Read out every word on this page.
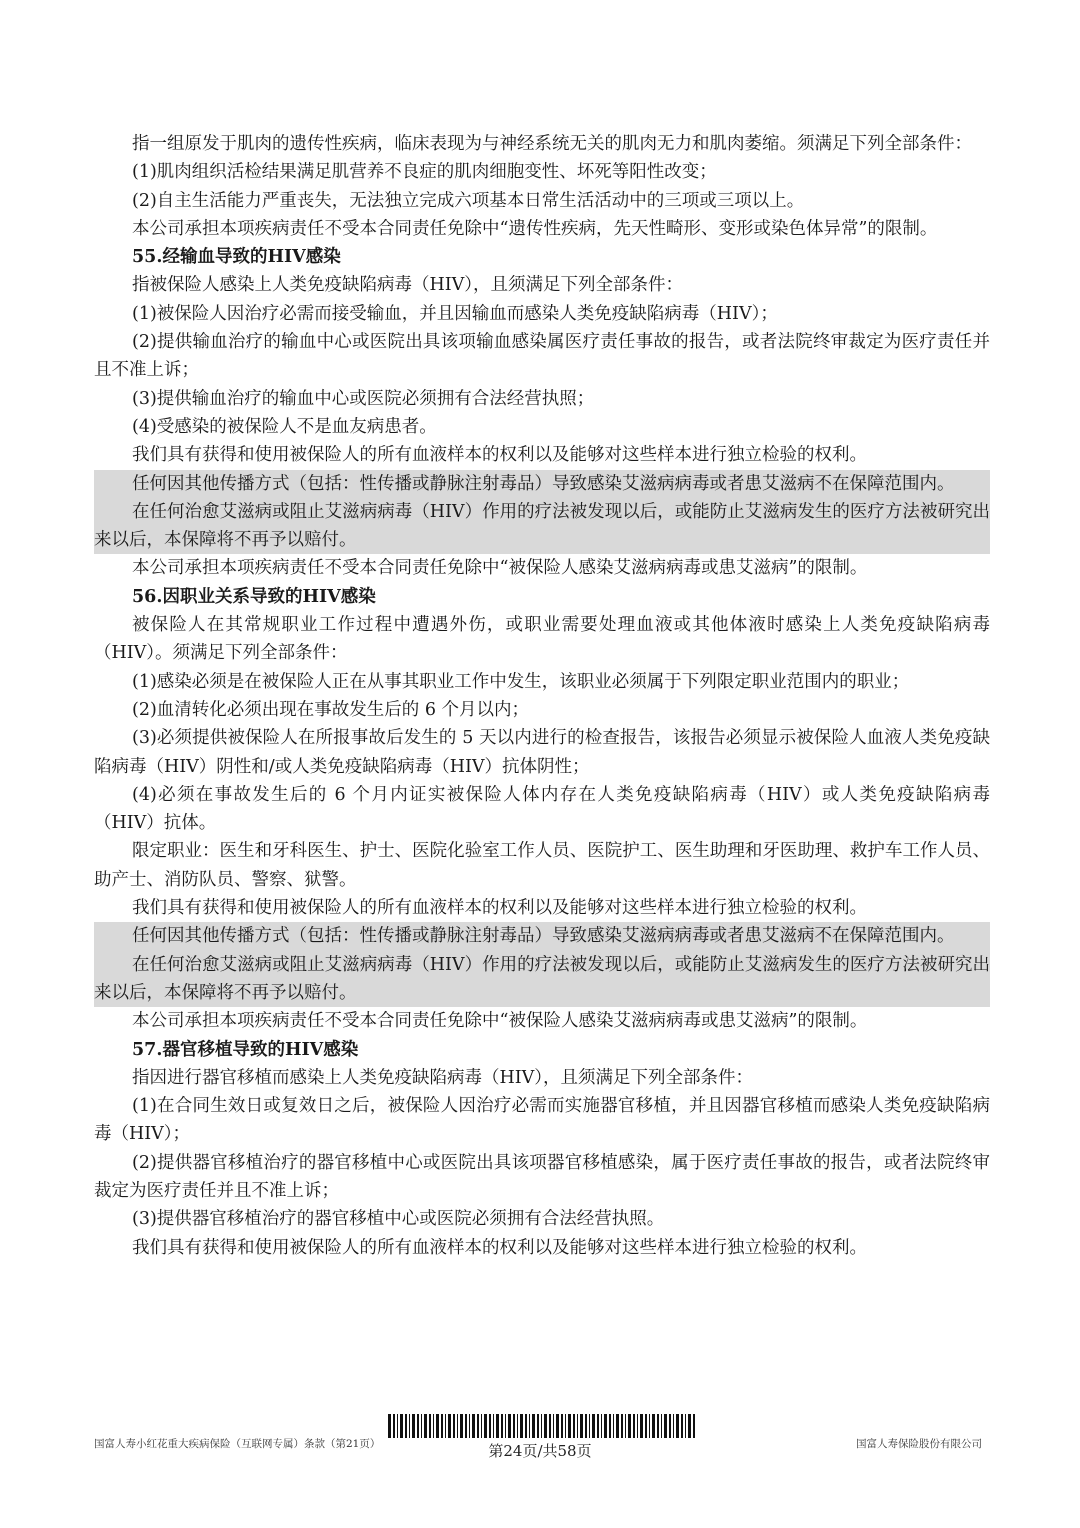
指一组原发于肌肉的遗传性疾病，临床表现为与神经系统无关的肌肉无力和肌肉萎缩。须满足下列全部条件：

(1)肌肉组织活检结果满足肌营养不良症的肌肉细胞变性、坏死等阳性改变；

(2)自主生活能力严重丧失，无法独立完成六项基本日常生活活动中的三项或三项以上。

本公司承担本项疾病责任不受本合同责任免除中“遗传性疾病，先天性畸形、变形或染色体异常”的限制。

55.经输血导致的HIV感染

指被保险人感染上人类免疫缺陷病毒（HIV），且须满足下列全部条件：

(1)被保险人因治疗必需而接受输血，并且因输血而感染人类免疫缺陷病毒（HIV）；

(2)提供输血治疗的输血中心或医院出具该项输血感染属医疗责任事故的报告，或者法院终审裁定为医疗责任并且不准上诉；

(3)提供输血治疗的输血中心或医院必须拥有合法经营执照；

(4)受感染的被保险人不是血友病患者。

我们具有获得和使用被保险人的所有血液样本的权利以及能够对这些样本进行独立检验的权利。

任何因其他传播方式（包括：性传播或静脉注射毒品）导致感染艾滋病病毒或者患艾滋病不在保障范围内。

在任何治愈艾滋病或阻止艾滋病病毒（HIV）作用的疗法被发现以后，或能防止艾滋病发生的医疗方法被研究出来以后，本保障将不再予以赔付。

本公司承担本项疾病责任不受本合同责任免除中“被保险人感染艾滋病病毒或患艾滋病”的限制。

56.因职业关系导致的HIV感染

被保险人在其常规职业工作过程中遭遇外伤，或职业需要处理血液或其他体液时感染上人类免疫缺陷病毒（HIV）。须满足下列全部条件：

(1)感染必须是在被保险人正在从事其职业工作中发生，该职业必须属于下列限定职业范围内的职业；

(2)血清转化必须出现在事故发生后的 6 个月以内；

(3)必须提供被保险人在所报事故后发生的 5 天以内进行的检查报告，该报告必须显示被保险人血液人类免疫缺陷病毒（HIV）阴性和/或人类免疫缺陷病毒（HIV）抗体阴性；

(4)必须在事故发生后的 6 个月内证实被保险人体内存在人类免疫缺陷病毒（HIV）或人类免疫缺陷病毒（HIV）抗体。

限定职业：医生和牙科医生、护士、医院化验室工作人员、医院护工、医生助理和牙医助理、救护车工作人员、助产士、消防队员、警察、狱警。

我们具有获得和使用被保险人的所有血液样本的权利以及能够对这些样本进行独立检验的权利。

任何因其他传播方式（包括：性传播或静脉注射毒品）导致感染艾滋病病毒或者患艾滋病不在保障范围内。

在任何治愈艾滋病或阻止艾滋病病毒（HIV）作用的疗法被发现以后，或能防止艾滋病发生的医疗方法被研究出来以后，本保障将不再予以赔付。

本公司承担本项疾病责任不受本合同责任免除中“被保险人感染艾滋病病毒或患艾滋病”的限制。

57.器官移植导致的HIV感染

指因进行器官移植而感染上人类免疫缺陷病毒（HIV），且须满足下列全部条件：

(1)在合同生效日或复效日之后，被保险人因治疗必需而实施器官移植，并且因器官移植而感染人类免疫缺陷病毒（HIV）；

(2)提供器官移植治疗的器官移植中心或医院出具该项器官移植感染，属于医疗责任事故的报告，或者法院终审裁定为医疗责任并且不准上诉；

(3)提供器官移植治疗的器官移植中心或医院必须拥有合法经营执照。

我们具有获得和使用被保险人的所有血液样本的权利以及能够对这些样本进行独立检验的权利。

国富人寿小红花重大疾病保险（互联网专属）条款（第21页）	国富人寿保险股份有限公司
第24页/共58页
